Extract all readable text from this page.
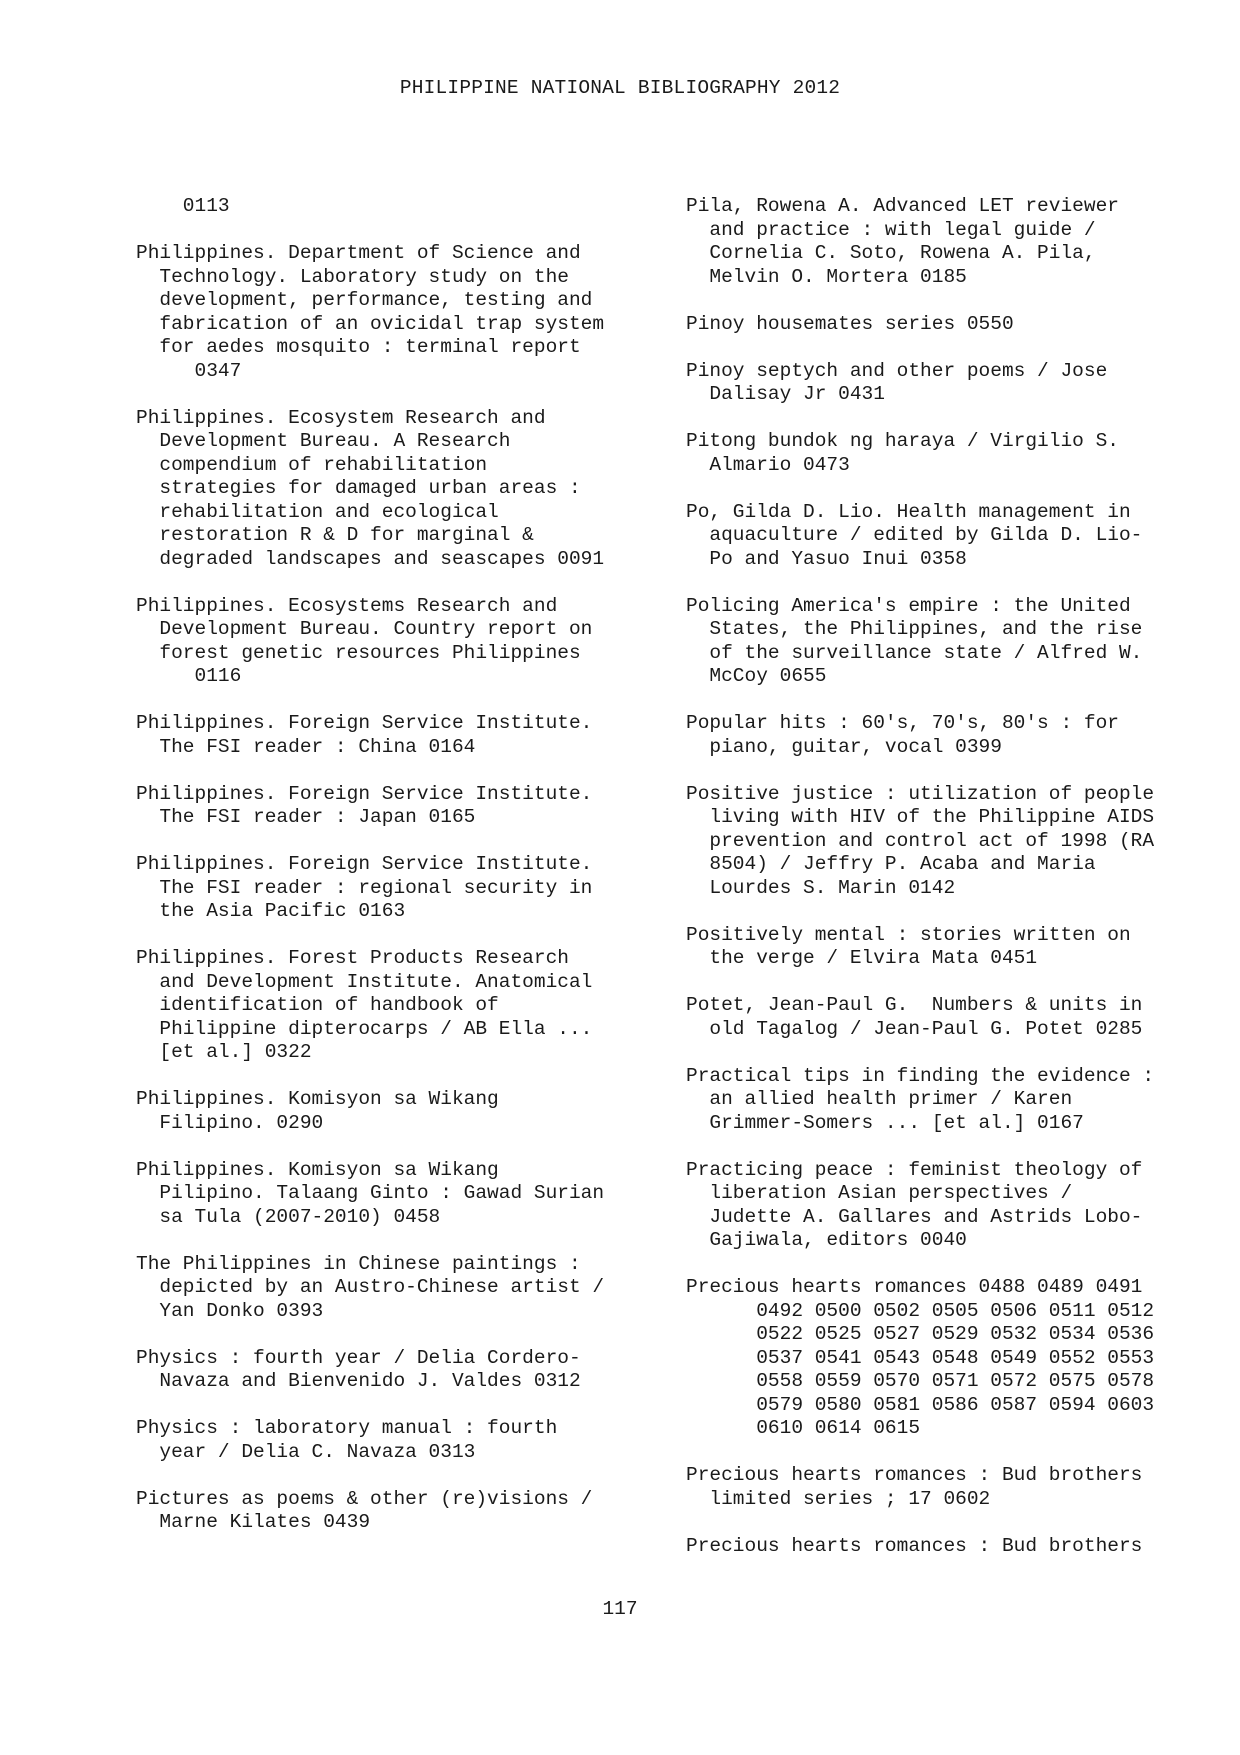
PHILIPPINE NATIONAL BIBLIOGRAPHY 2012
0113
Philippines. Department of Science and
Technology. Laboratory study on the
development, performance, testing and
fabrication of an ovicidal trap system
for aedes mosquito : terminal report
0347
Philippines. Ecosystem Research and
Development Bureau. A Research
compendium of rehabilitation
strategies for damaged urban areas :
rehabilitation and ecological
restoration R & D for marginal &
degraded landscapes and seascapes 0091
Philippines. Ecosystems Research and
Development Bureau. Country report on
forest genetic resources Philippines
0116
Philippines. Foreign Service Institute.
The FSI reader : China 0164
Philippines. Foreign Service Institute.
The FSI reader : Japan 0165
Philippines. Foreign Service Institute.
The FSI reader : regional security in
the Asia Pacific 0163
Philippines. Forest Products Research
and Development Institute. Anatomical
identification of handbook of
Philippine dipterocarps / AB Ella ...
[et al.] 0322
Philippines. Komisyon sa Wikang
Filipino. 0290
Philippines. Komisyon sa Wikang
Pilipino. Talaang Ginto : Gawad Surian
sa Tula (2007-2010) 0458
The Philippines in Chinese paintings :
depicted by an Austro-Chinese artist /
Yan Donko 0393
Physics : fourth year / Delia Cordero-
Navaza and Bienvenido J. Valdes 0312
Physics : laboratory manual : fourth
year / Delia C. Navaza 0313
Pictures as poems & other (re)visions /
Marne Kilates 0439
Pila, Rowena A. Advanced LET reviewer
and practice : with legal guide /
Cornelia C. Soto, Rowena A. Pila,
Melvin O. Mortera 0185
Pinoy housemates series 0550
Pinoy septych and other poems / Jose
Dalisay Jr 0431
Pitong bundok ng haraya / Virgilio S.
Almario 0473
Po, Gilda D. Lio. Health management in
aquaculture / edited by Gilda D. Lio-
Po and Yasuo Inui 0358
Policing America's empire : the United
States, the Philippines, and the rise
of the surveillance state / Alfred W.
McCoy 0655
Popular hits : 60's, 70's, 80's : for
piano, guitar, vocal 0399
Positive justice : utilization of people
living with HIV of the Philippine AIDS
prevention and control act of 1998 (RA
8504) / Jeffry P. Acaba and Maria
Lourdes S. Marin 0142
Positively mental : stories written on
the verge / Elvira Mata 0451
Potet, Jean-Paul G.  Numbers & units in
old Tagalog / Jean-Paul G. Potet 0285
Practical tips in finding the evidence :
an allied health primer / Karen
Grimmer-Somers ... [et al.] 0167
Practicing peace : feminist theology of
liberation Asian perspectives /
Judette A. Gallares and Astrids Lobo-
Gajiwala, editors 0040
Precious hearts romances 0488 0489 0491
0492 0500 0502 0505 0506 0511 0512
0522 0525 0527 0529 0532 0534 0536
0537 0541 0543 0548 0549 0552 0553
0558 0559 0570 0571 0572 0575 0578
0579 0580 0581 0586 0587 0594 0603
0610 0614 0615
Precious hearts romances : Bud brothers
limited series ; 17 0602
Precious hearts romances : Bud brothers
117
